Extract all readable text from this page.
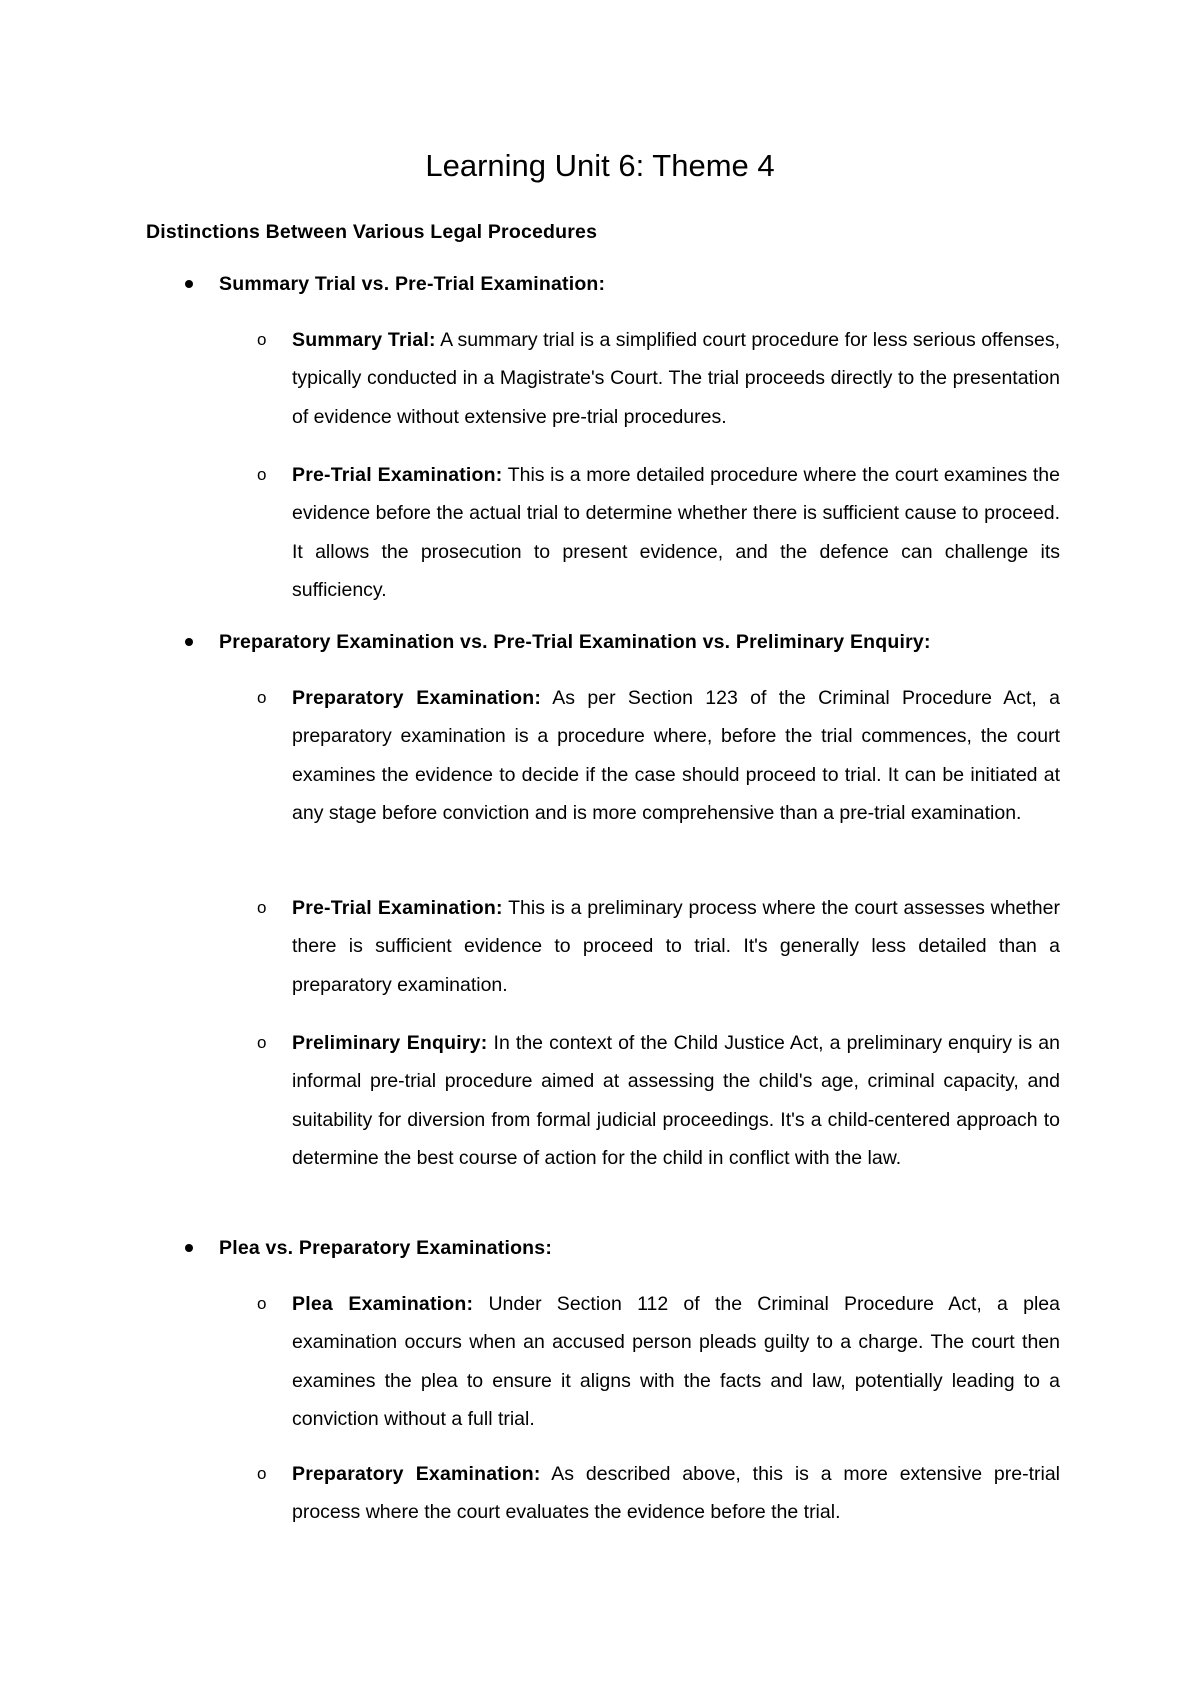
Learning Unit 6: Theme 4
Distinctions Between Various Legal Procedures
Summary Trial vs. Pre-Trial Examination:
o Summary Trial: A summary trial is a simplified court procedure for less serious offenses, typically conducted in a Magistrate's Court. The trial proceeds directly to the presentation of evidence without extensive pre-trial procedures.

o Pre-Trial Examination: This is a more detailed procedure where the court examines the evidence before the actual trial to determine whether there is sufficient cause to proceed. It allows the prosecution to present evidence, and the defence can challenge its sufficiency.

Preparatory Examination vs. Pre-Trial Examination vs. Preliminary Enquiry:
o Preparatory Examination: As per Section 123 of the Criminal Procedure Act, a preparatory examination is a procedure where, before the trial commences, the court examines the evidence to decide if the case should proceed to trial. It can be initiated at any stage before conviction and is more comprehensive than a pre-trial examination.

o Pre-Trial Examination: This is a preliminary process where the court assesses whether there is sufficient evidence to proceed to trial. It's generally less detailed than a preparatory examination.

o Preliminary Enquiry: In the context of the Child Justice Act, a preliminary enquiry is an informal pre-trial procedure aimed at assessing the child's age, criminal capacity, and suitability for diversion from formal judicial proceedings. It's a child-centered approach to determine the best course of action for the child in conflict with the law.

Plea vs. Preparatory Examinations:
o Plea Examination: Under Section 112 of the Criminal Procedure Act, a plea examination occurs when an accused person pleads guilty to a charge. The court then examines the plea to ensure it aligns with the facts and law, potentially leading to a conviction without a full trial.

o Preparatory Examination: As described above, this is a more extensive pre-trial process where the court evaluates the evidence before the trial.
